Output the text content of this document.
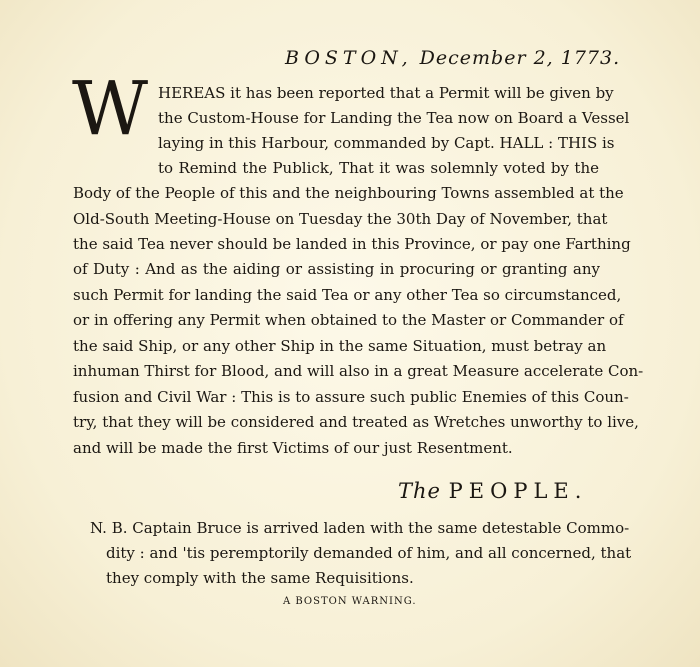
BOSTON, December 2, 1773.
W HEREAS it has been reported that a Permit will be given by
the Custom-House for Landing the Tea now on Board a Vessel
laying in this Harbour, commanded by Capt. HALL : THIS is
to Remind the Publick, That it was solemnly voted by the
Body of the People of this and the neighbouring Towns assembled at the
Old-South Meeting-House on Tuesday the 30th Day of November, that
the said Tea never should be landed in this Province, or pay one Farthing
of Duty : And as the aiding or assisting in procuring or granting any
such Permit for landing the said Tea or any other Tea so circumstanced,
or in offering any Permit when obtained to the Master or Commander of
the said Ship, or any other Ship in the same Situation, must betray an
inhuman Thirst for Blood, and will also in a great Measure accelerate Con-
fusion and Civil War : This is to assure such public Enemies of this Coun-
try, that they will be considered and treated as Wretches unworthy to live,
and will be made the first Victims of our just Resentment.
The PEOPLE.
N. B. Captain Bruce is arrived laden with the same detestable Commo-
dity : and 'tis peremptorily demanded of him, and all concerned, that
they comply with the same Requisitions.
A BOSTON WARNING.
